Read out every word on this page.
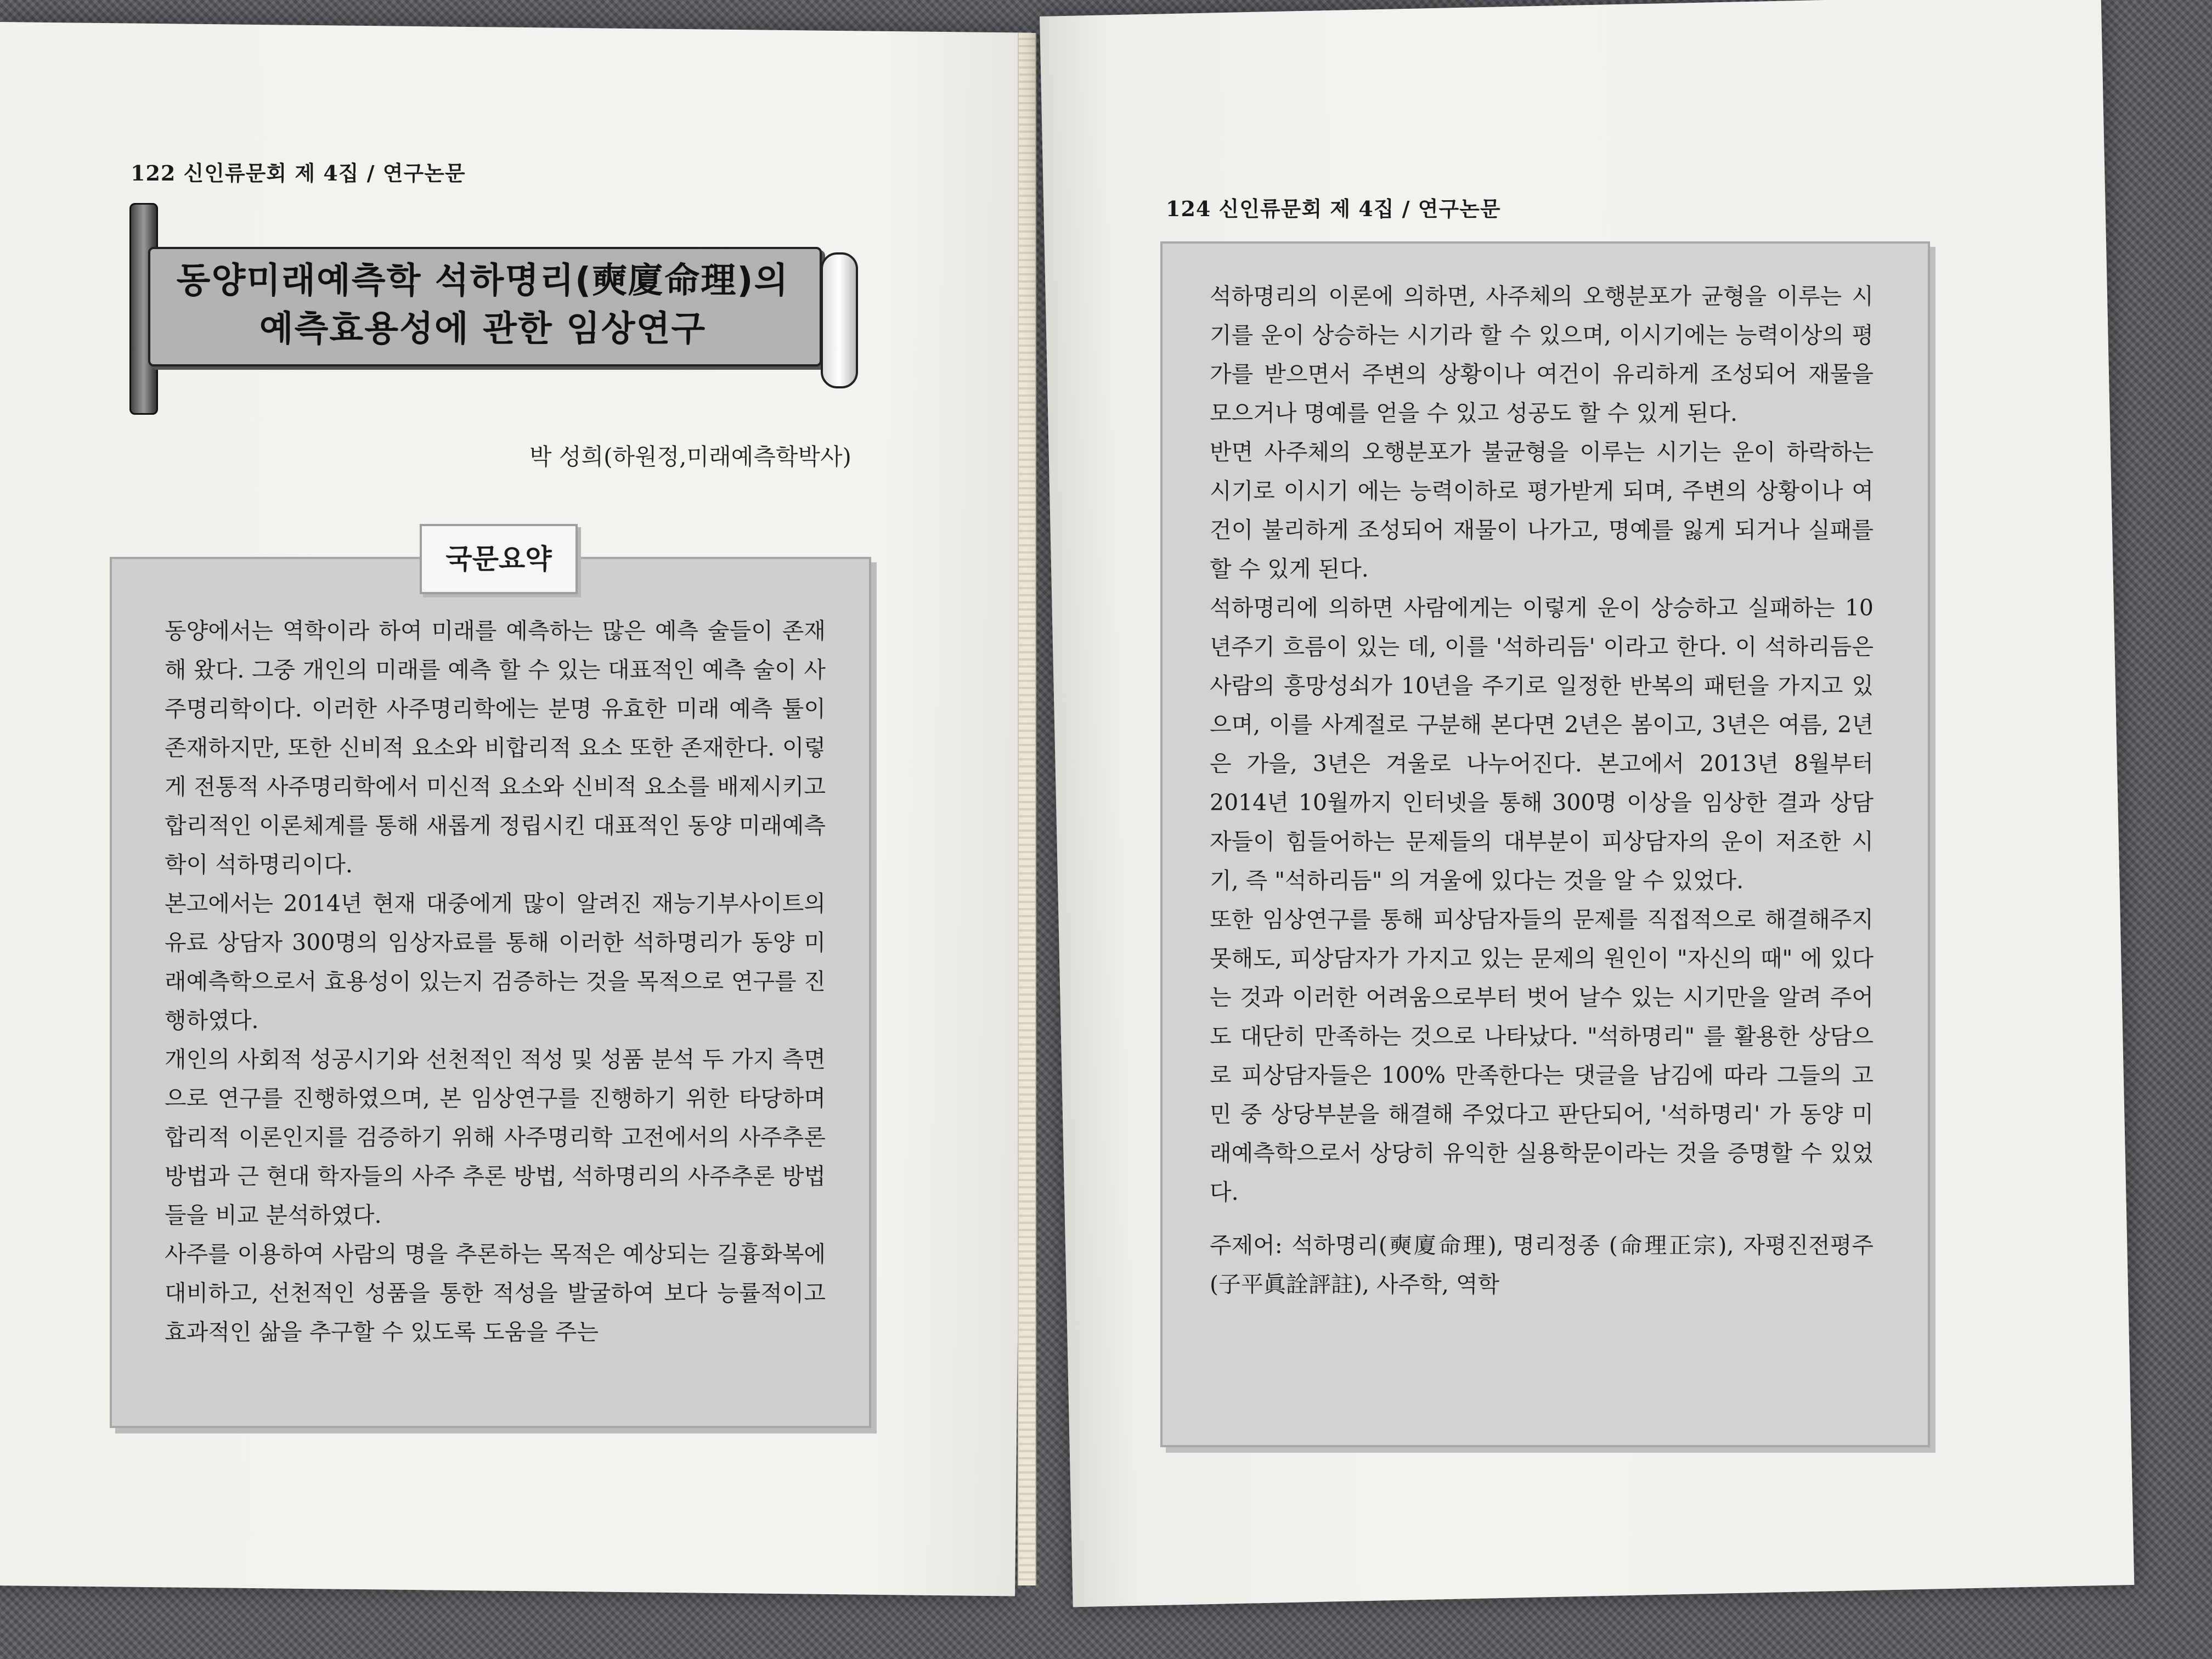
122 신인류문회 제 4집 / 연구논문
동양미래예측학 석하명리(奭廈命理)의
예측효용성에 관한 임상연구
박 성희(하원정,미래예측학박사)
국문요약

동양에서는 역학이라 하여 미래를 예측하는 많은 예측 술들이 존재해 왔다. 그중 개인의 미래를 예측 할 수 있는 대표적인 예측 술이 사주명리학이다. 이러한 사주명리학에는 분명 유효한 미래 예측 툴이 존재하지만, 또한 신비적 요소와 비합리적 요소 또한 존재한다. 이렇게 전통적 사주명리학에서 미신적 요소와 신비적 요소를 배제시키고 합리적인 이론체계를 통해 새롭게 정립시킨 대표적인 동양 미래예측학이 석하명리이다.

본고에서는 2014년 현재 대중에게 많이 알려진 재능기부사이트의 유료 상담자 300명의 임상자료를 통해 이러한 석하명리가 동양 미래예측학으로서 효용성이 있는지 검증하는 것을 목적으로 연구를 진행하였다.

개인의 사회적 성공시기와 선천적인 적성 및 성품 분석 두 가지 측면으로 연구를 진행하였으며, 본 임상연구를 진행하기 위한 타당하며 합리적 이론인지를 검증하기 위해 사주명리학 고전에서의 사주추론 방법과 근 현대 학자들의 사주 추론 방법, 석하명리의 사주추론 방법들을 비교 분석하였다.

사주를 이용하여 사람의 명을 추론하는 목적은 예상되는 길흉화복에 대비하고, 선천적인 성품을 통한 적성을 발굴하여 보다 능률적이고 효과적인 삶을 추구할 수 있도록 도움을 주는

124 신인류문회 제 4집 / 연구논문

석하명리의 이론에 의하면, 사주체의 오행분포가 균형을 이루는 시기를 운이 상승하는 시기라 할 수 있으며, 이시기에는 능력이상의 평가를 받으면서 주변의 상황이나 여건이 유리하게 조성되어 재물을 모으거나 명예를 얻을 수 있고 성공도 할 수 있게 된다.

반면 사주체의 오행분포가 불균형을 이루는 시기는 운이 하락하는 시기로 이시기 에는 능력이하로 평가받게 되며, 주변의 상황이나 여건이 불리하게 조성되어 재물이 나가고, 명예를 잃게 되거나 실패를 할 수 있게 된다.

석하명리에 의하면 사람에게는 이렇게 운이 상승하고 실패하는 10년주기 흐름이 있는 데, 이를 '석하리듬' 이라고 한다. 이 석하리듬은 사람의 흥망성쇠가 10년을 주기로 일정한 반복의 패턴을 가지고 있으며, 이를 사계절로 구분해 본다면 2년은 봄이고, 3년은 여름, 2년은 가을, 3년은 겨울로 나누어진다. 본고에서 2013년 8월부터 2014년 10월까지 인터넷을 통해 300명 이상을 임상한 결과 상담자들이 힘들어하는 문제들의 대부분이 피상담자의 운이 저조한 시기, 즉 "석하리듬" 의 겨울에 있다는 것을 알 수 있었다.

또한 임상연구를 통해 피상담자들의 문제를 직접적으로 해결해주지 못해도, 피상담자가 가지고 있는 문제의 원인이 "자신의 때" 에 있다는 것과 이러한 어려움으로부터 벗어 날수 있는 시기만을 알려 주어도 대단히 만족하는 것으로 나타났다. "석하명리" 를 활용한 상담으로 피상담자들은 100% 만족한다는 댓글을 남김에 따라 그들의 고민 중 상당부분을 해결해 주었다고 판단되어, '석하명리' 가 동양 미래예측학으로서 상당히 유익한 실용학문이라는 것을 증명할 수 있었다.

주제어: 석하명리(奭廈命理), 명리정종 (命理正宗), 자평진전평주(子平眞詮評註), 사주학, 역학
